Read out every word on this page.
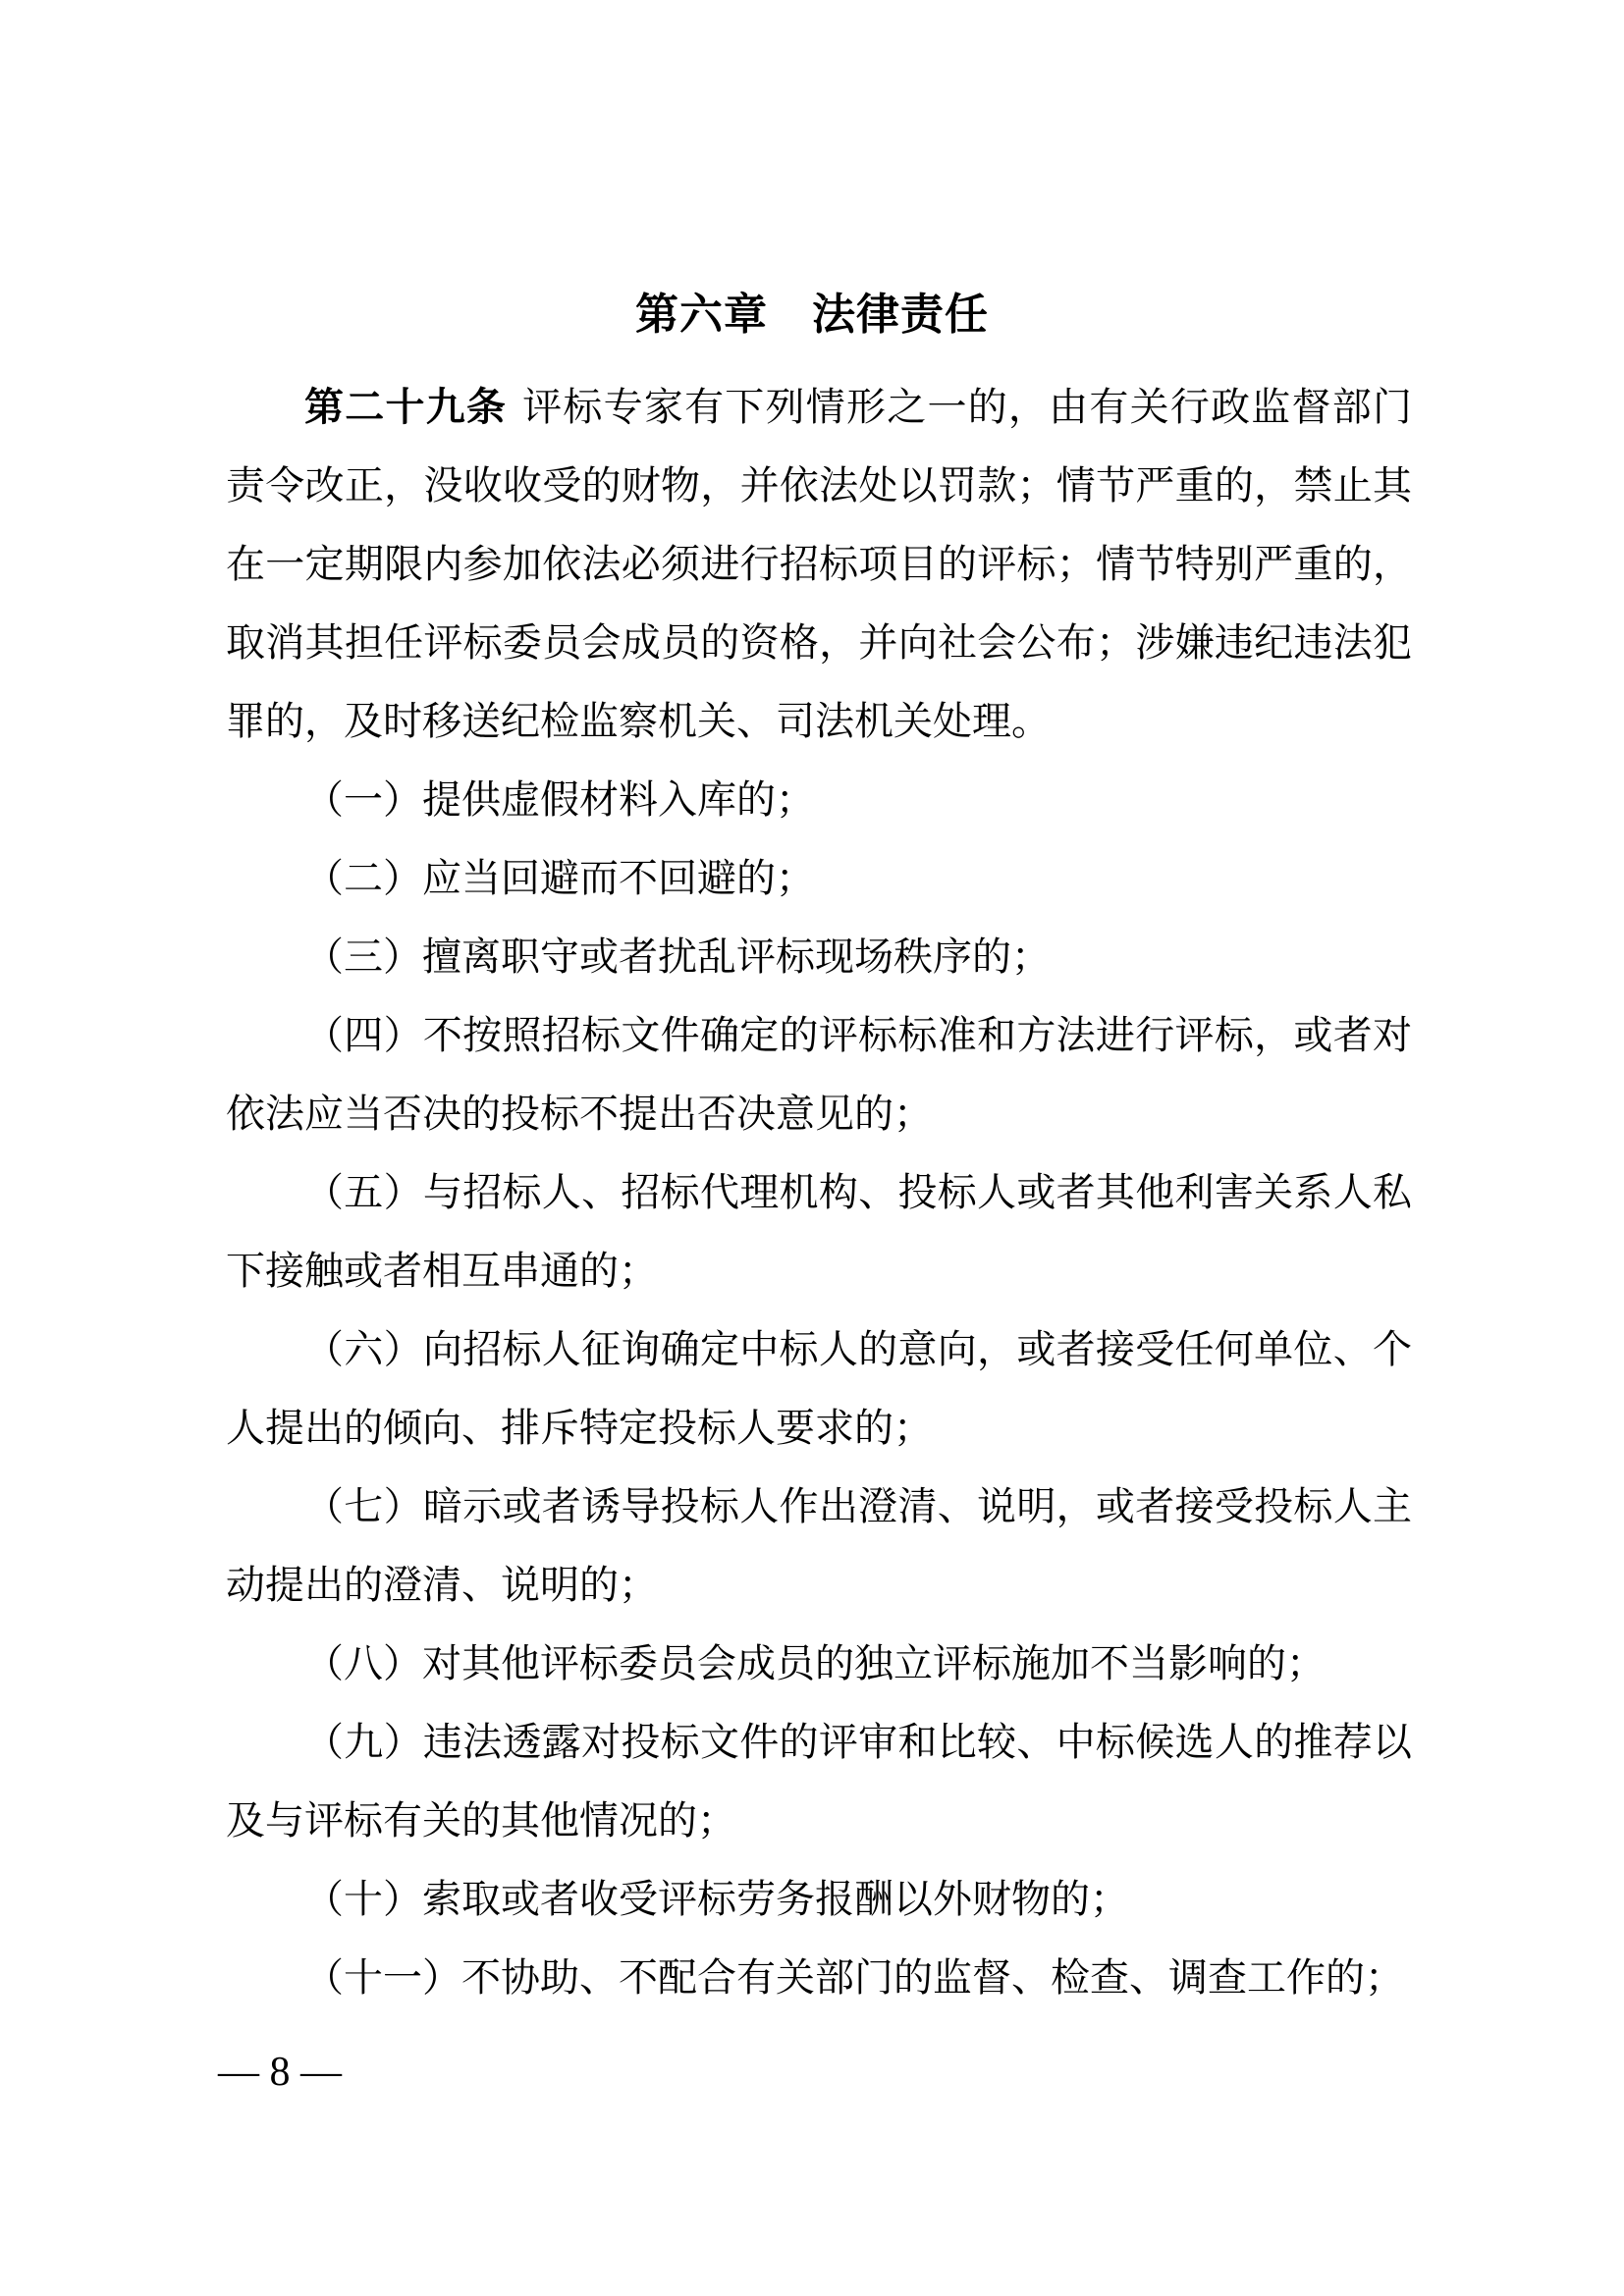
第六章　法律责任

第二十九条 评标专家有下列情形之一的，由有关行政监督部门责令改正，没收收受的财物，并依法处以罚款；情节严重的，禁止其在一定期限内参加依法必须进行招标项目的评标；情节特别严重的，取消其担任评标委员会成员的资格，并向社会公布；涉嫌违纪违法犯罪的，及时移送纪检监察机关、司法机关处理。

（一）提供虚假材料入库的；

（二）应当回避而不回避的；

（三）擅离职守或者扰乱评标现场秩序的；

（四）不按照招标文件确定的评标标准和方法进行评标，或者对依法应当否决的投标不提出否决意见的；

（五）与招标人、招标代理机构、投标人或者其他利害关系人私下接触或者相互串通的；

（六）向招标人征询确定中标人的意向，或者接受任何单位、个人提出的倾向、排斥特定投标人要求的；

（七）暗示或者诱导投标人作出澄清、说明，或者接受投标人主动提出的澄清、说明的；

（八）对其他评标委员会成员的独立评标施加不当影响的；

（九）违法透露对投标文件的评审和比较、中标候选人的推荐以及与评标有关的其他情况的；

（十）索取或者收受评标劳务报酬以外财物的；

（十一）不协助、不配合有关部门的监督、检查、调查工作的；

— 8 —
